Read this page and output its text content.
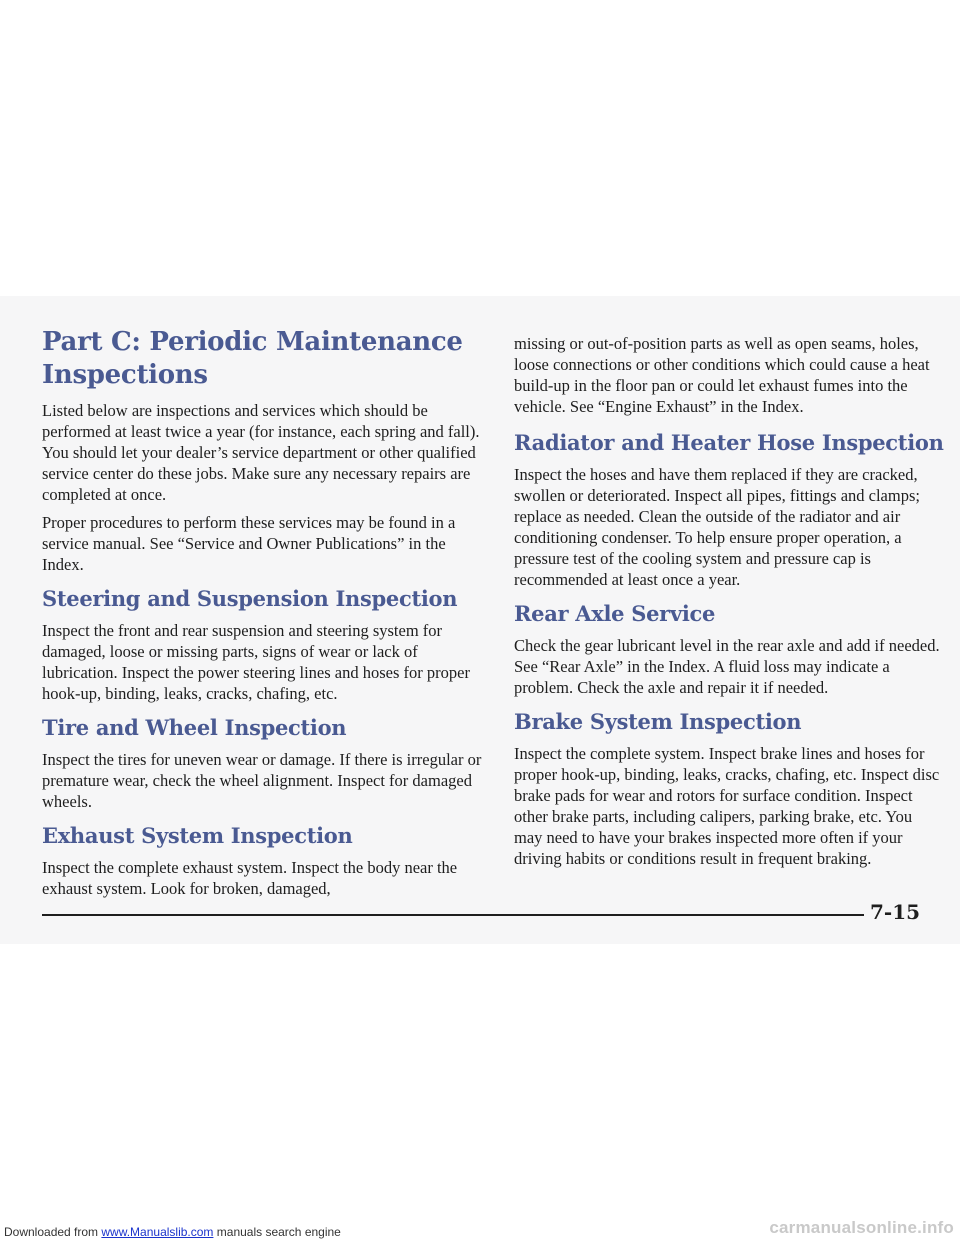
Part C: Periodic Maintenance Inspections

Listed below are inspections and services which should be performed at least twice a year (for instance, each spring and fall). You should let your dealer’s service department or other qualified service center do these jobs. Make sure any necessary repairs are completed at once.

Proper procedures to perform these services may be found in a service manual. See “Service and Owner Publications” in the Index.

Steering and Suspension Inspection

Inspect the front and rear suspension and steering system for damaged, loose or missing parts, signs of wear or lack of lubrication. Inspect the power steering lines and hoses for proper hook-up, binding, leaks, cracks, chafing, etc.

Tire and Wheel Inspection

Inspect the tires for uneven wear or damage. If there is irregular or premature wear, check the wheel alignment. Inspect for damaged wheels.

Exhaust System Inspection

Inspect the complete exhaust system. Inspect the body near the exhaust system. Look for broken, damaged,

missing or out-of-position parts as well as open seams, holes, loose connections or other conditions which could cause a heat build-up in the floor pan or could let exhaust fumes into the vehicle. See “Engine Exhaust” in the Index.

Radiator and Heater Hose Inspection

Inspect the hoses and have them replaced if they are cracked, swollen or deteriorated. Inspect all pipes, fittings and clamps; replace as needed. Clean the outside of the radiator and air conditioning condenser. To help ensure proper operation, a pressure test of the cooling system and pressure cap is recommended at least once a year.

Rear Axle Service

Check the gear lubricant level in the rear axle and add if needed. See “Rear Axle” in the Index. A fluid loss may indicate a problem. Check the axle and repair it if needed.

Brake System Inspection

Inspect the complete system. Inspect brake lines and hoses for proper hook-up, binding, leaks, cracks, chafing, etc. Inspect disc brake pads for wear and rotors for surface condition. Inspect other brake parts, including calipers, parking brake, etc. You may need to have your brakes inspected more often if your driving habits or conditions result in frequent braking.

7-15
Downloaded from www.Manualslib.com manuals search engine	carmanualsonline.info
